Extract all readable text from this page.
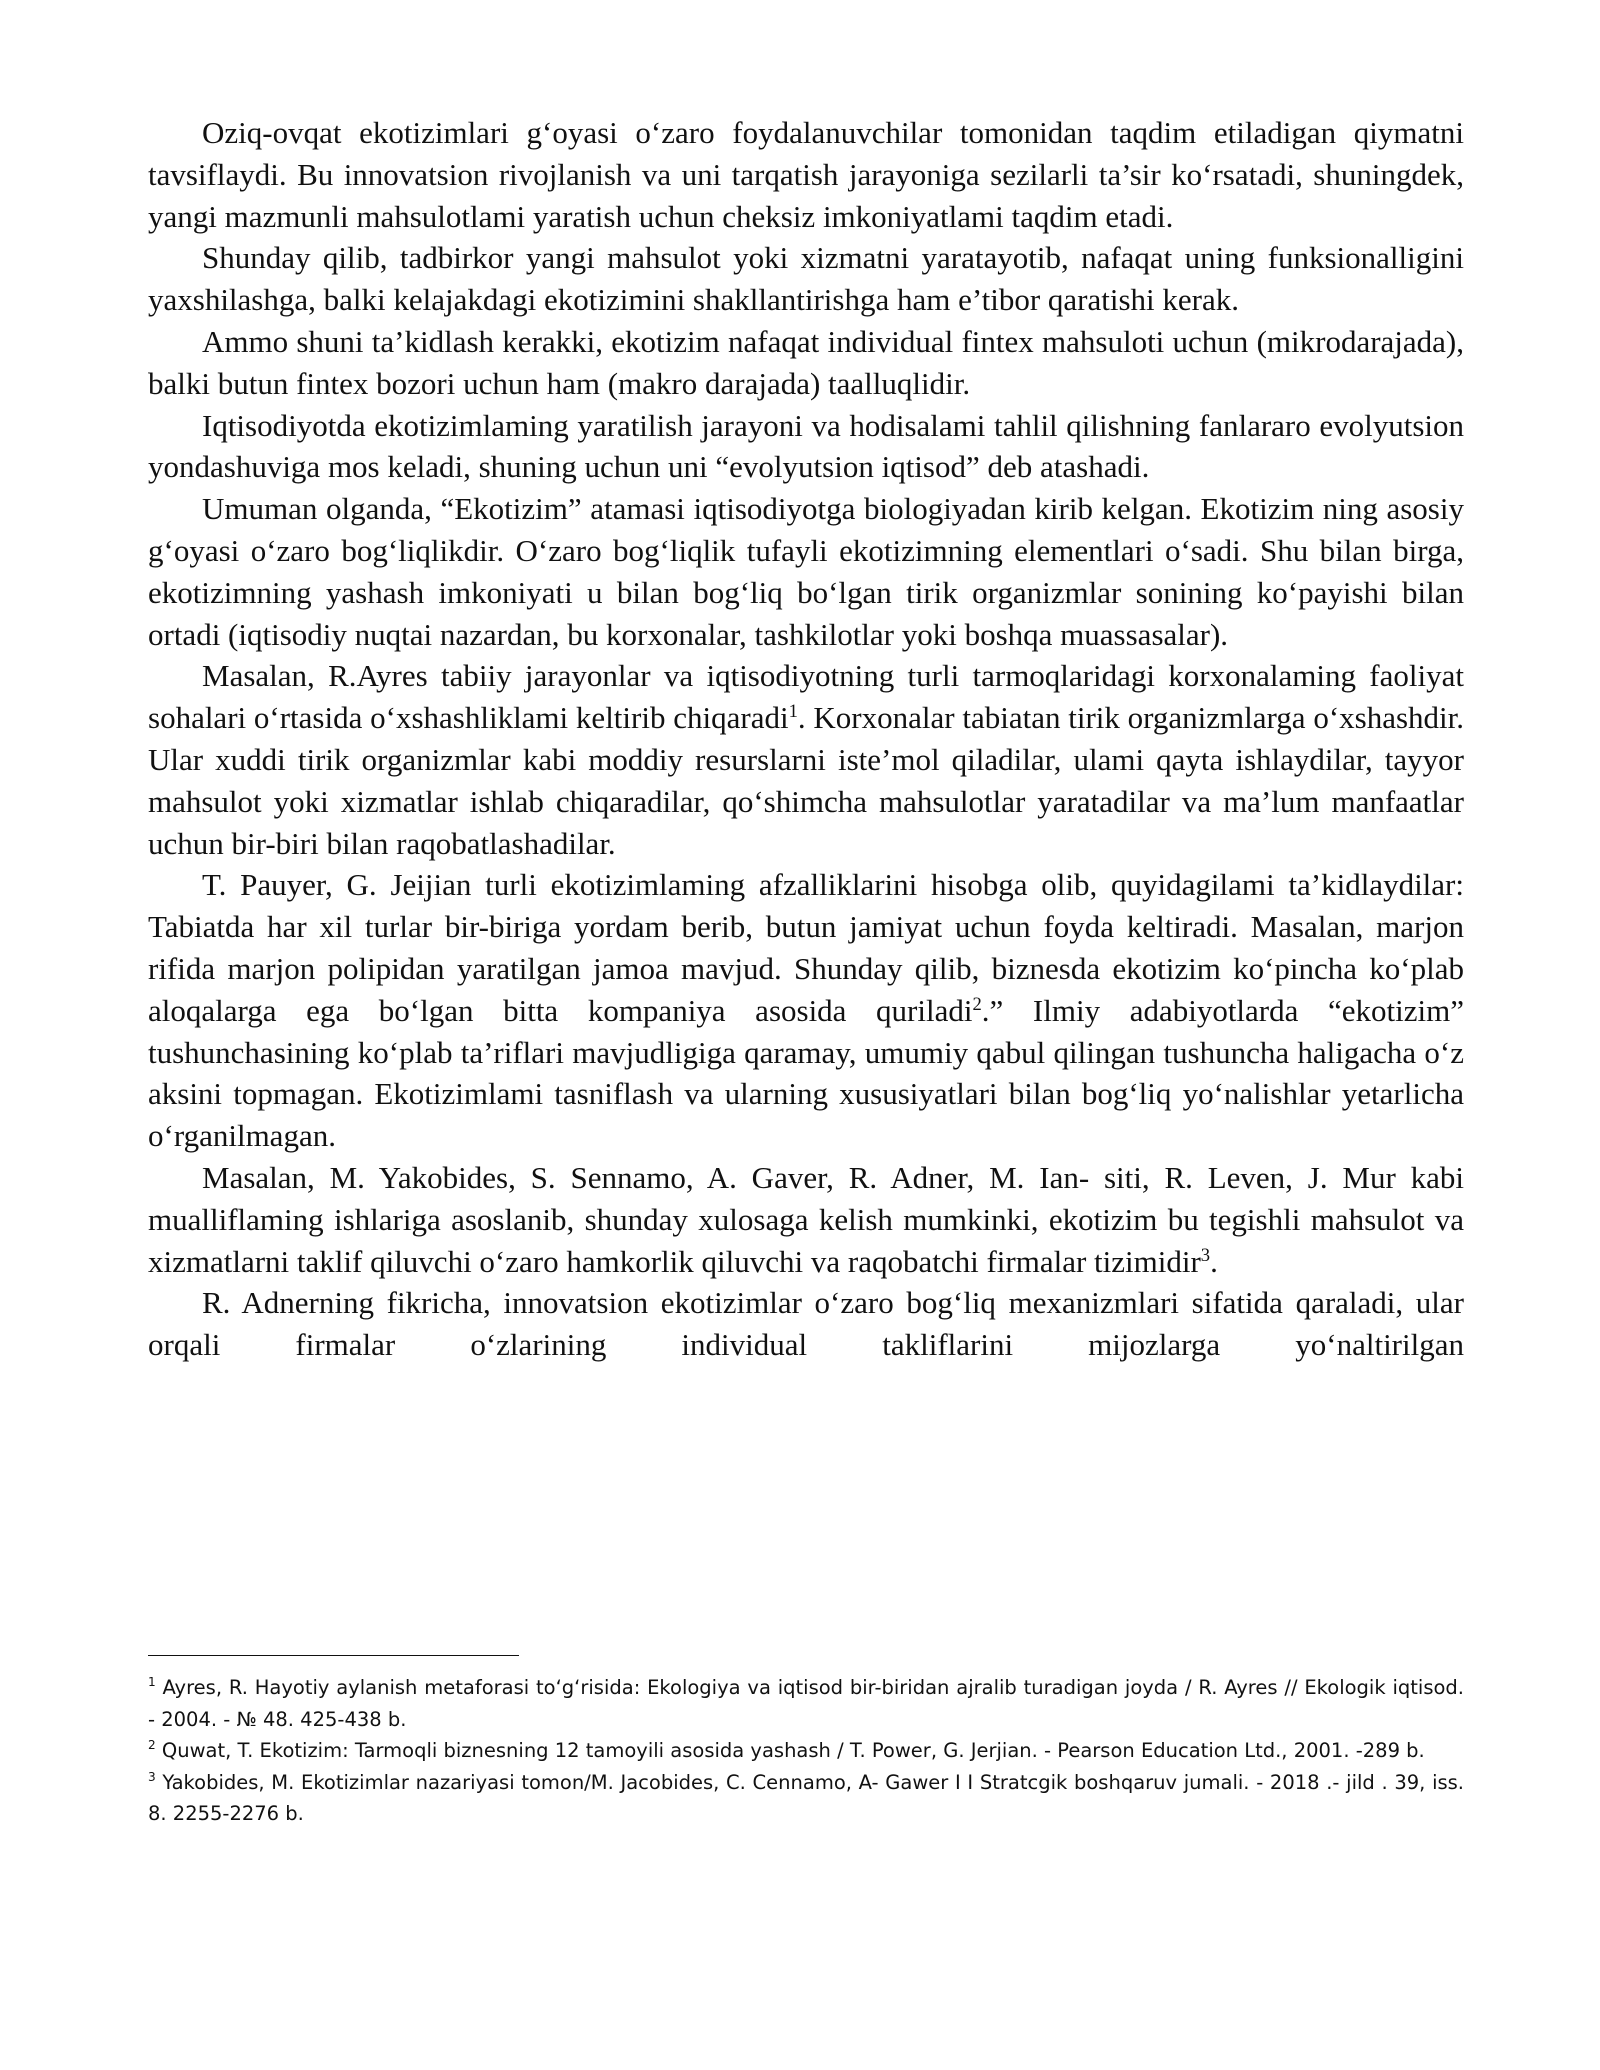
Oziq-ovqat ekotizimlari g‘oyasi o‘zaro foydalanuvchilar tomonidan taqdim etiladigan qiymatni tavsiflaydi. Bu innovatsion rivojlanish va uni tarqatish jarayoniga sezilarli ta’sir ko‘rsatadi, shuningdek, yangi mazmunli mahsulotlami yaratish uchun cheksiz imkoniyatlami taqdim etadi.

Shunday qilib, tadbirkor yangi mahsulot yoki xizmatni yaratayotib, nafaqat uning funksionalligini yaxshilashga, balki kelajakdagi ekotizimini shakllantirishga ham e’tibor qaratishi kerak.

Ammo shuni ta’kidlash kerakki, ekotizim nafaqat individual fintex mahsuloti uchun (mikrodarajada), balki butun fintex bozori uchun ham (makro darajada) taalluqlidir.

Iqtisodiyotda ekotizimlaming yaratilish jarayoni va hodisalami tahlil qilishning fanlararo evolyutsion yondashuviga mos keladi, shuning uchun uni “evolyutsion iqtisod” deb atashadi.

Umuman olganda, “Ekotizim” atamasi iqtisodiyotga biologiyadan kirib kelgan. Ekotizim ning asosiy g‘oyasi o‘zaro bog‘liqlikdir. O‘zaro bog‘liqlik tufayli ekotizimning elementlari o‘sadi. Shu bilan birga, ekotizimning yashash imkoniyati u bilan bog‘liq bo‘lgan tirik organizmlar sonining ko‘payishi bilan ortadi (iqtisodiy nuqtai nazardan, bu korxonalar, tashkilotlar yoki boshqa muassasalar).

Masalan, R.Ayres tabiiy jarayonlar va iqtisodiyotning turli tarmoqlaridagi korxonalaming faoliyat sohalari o‘rtasida o‘xshashliklami keltirib chiqaradi$^1$. Korxonalar tabiatan tirik organizmlarga o‘xshashdir. Ular xuddi tirik organizmlar kabi moddiy resurslarni iste’mol qiladilar, ulami qayta ishlaydilar, tayyor mahsulot yoki xizmatlar ishlab chiqaradilar, qo‘shimcha mahsulotlar yaratadilar va ma’lum manfaatlar uchun bir-biri bilan raqobatlashadilar.

T. Pauyer, G. Jeijian turli ekotizimlaming afzalliklarini hisobga olib, quyidagilami ta’kidlaydilar: Tabiatda har xil turlar bir-biriga yordam berib, butun jamiyat uchun foyda keltiradi. Masalan, marjon rifida marjon polipidan yaratilgan jamoa mavjud. Shunday qilib, biznesda ekotizim ko‘pincha ko‘plab aloqalarga ega bo‘lgan bitta kompaniya asosida quriladi$^2$.” Ilmiy adabiyotlarda “ekotizim” tushunchasining ko‘plab ta’riflari mavjudligiga qaramay, umumiy qabul qilingan tushuncha haligacha o‘z aksini topmagan. Ekotizimlami tasniflash va ularning xususiyatlari bilan bog‘liq yo‘nalishlar yetarlicha o‘rganilmagan.

Masalan, M. Yakobides, S. Sennamo, A. Gaver, R. Adner, M. Ian- siti, R. Leven, J. Mur kabi mualliflaming ishlariga asoslanib, shunday xulosaga kelish mumkinki, ekotizim bu tegishli mahsulot va xizmatlarni taklif qiluvchi o‘zaro hamkorlik qiluvchi va raqobatchi firmalar tizimidir$^3$.

R. Adnerning fikricha, innovatsion ekotizimlar o‘zaro bog‘liq mexanizmlari sifatida qaraladi, ular orqali firmalar o‘zlarining individual takliflarini mijozlarga yo‘naltirilgan

$^1$ Ayres, R. Hayotiy aylanish metaforasi to‘g‘risida: Ekologiya va iqtisod bir-biridan ajralib turadigan joyda / R. Ayres // Ekologik iqtisod. - 2004. - № 48. 425-438 b.

$^2$ Quwat, T. Ekotizim: Tarmoqli biznesning 12 tamoyili asosida yashash / T. Power, G. Jerjian. - Pearson Education Ltd., 2001. -289 b.

$^3$ Yakobides, M. Ekotizimlar nazariyasi tomon/M. Jacobides, C. Cennamo, A- Gawer I I Stratcgik boshqaruv jumali. - 2018 .- jild . 39, iss. 8. 2255-2276 b.
